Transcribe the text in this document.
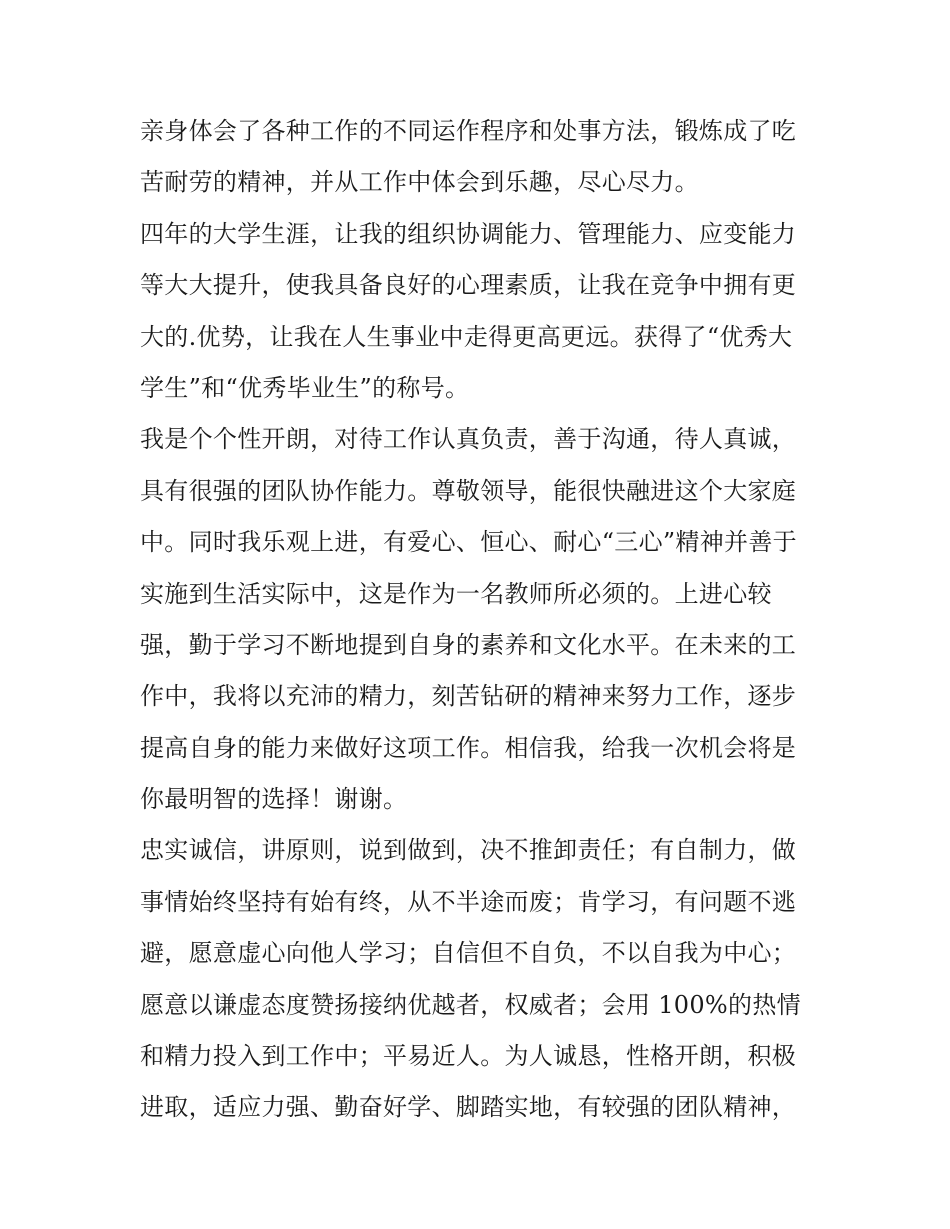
亲身体会了各种工作的不同运作程序和处事方法，锻炼成了吃
苦耐劳的精神，并从工作中体会到乐趣，尽心尽力。
四年的大学生涯，让我的组织协调能力、管理能力、应变能力
等大大提升，使我具备良好的心理素质，让我在竞争中拥有更
大的.优势，让我在人生事业中走得更高更远。获得了“优秀大
学生”和“优秀毕业生”的称号。
我是个个性开朗，对待工作认真负责，善于沟通，待人真诚，
具有很强的团队协作能力。尊敬领导，能很快融进这个大家庭
中。同时我乐观上进，有爱心、恒心、耐心“三心”精神并善于
实施到生活实际中，这是作为一名教师所必须的。上进心较
强，勤于学习不断地提到自身的素养和文化水平。在未来的工
作中，我将以充沛的精力，刻苦钻研的精神来努力工作，逐步
提高自身的能力来做好这项工作。相信我，给我一次机会将是
你最明智的选择！谢谢。
忠实诚信，讲原则，说到做到，决不推卸责任；有自制力，做
事情始终坚持有始有终，从不半途而废；肯学习，有问题不逃
避，愿意虚心向他人学习；自信但不自负，不以自我为中心；
愿意以谦虚态度赞扬接纳优越者，权威者；会用 100%的热情
和精力投入到工作中；平易近人。为人诚恳，性格开朗，积极
进取，适应力强、勤奋好学、脚踏实地，有较强的团队精神，
